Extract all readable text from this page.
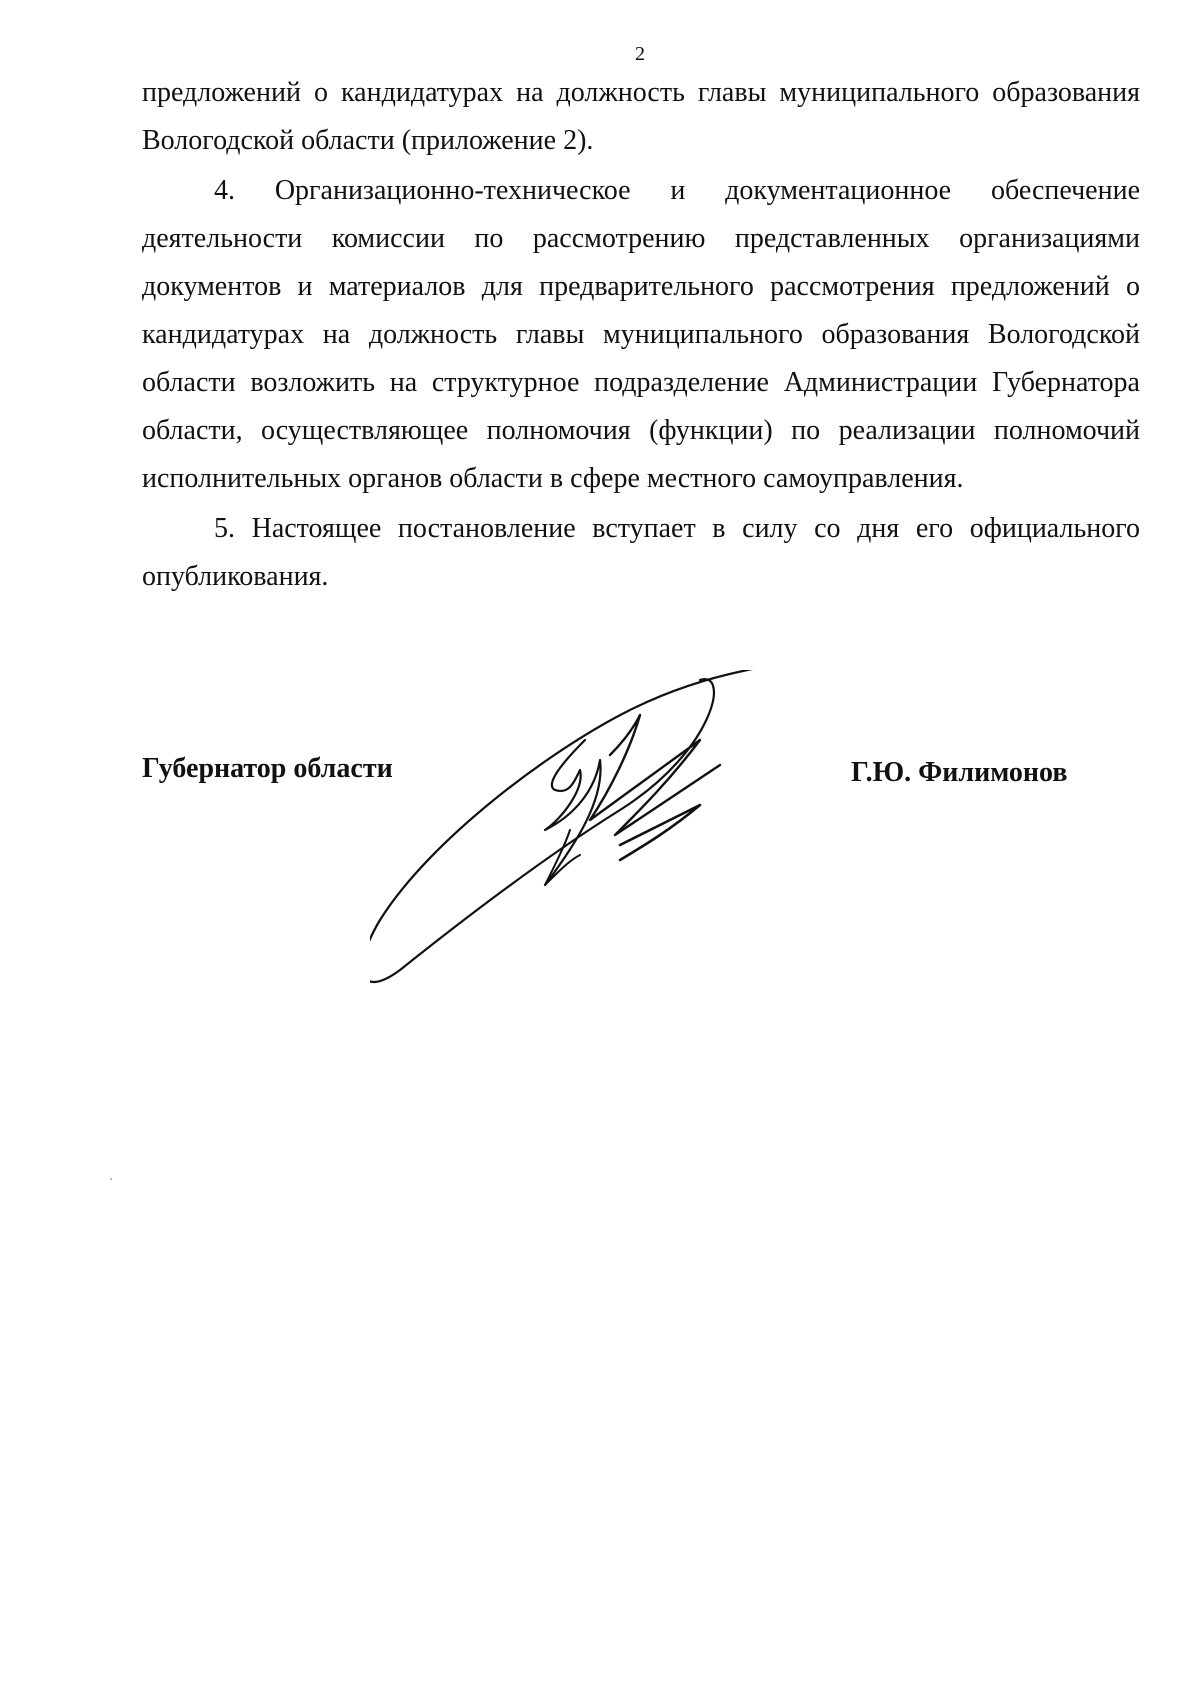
2

предложений о кандидатурах на должность главы муниципального образования Вологодской области (приложение 2).

4. Организационно-техническое и документационное обеспечение деятельности комиссии по рассмотрению представленных организациями документов и материалов для предварительного рассмотрения предложений о кандидатурах на должность главы муниципального образования Вологодской области возложить на структурное подразделение Администрации Губернатора области, осуществляющее полномочия (функции) по реализации полномочий исполнительных органов области в сфере местного самоуправления.

5. Настоящее постановление вступает в силу со дня его официального опубликования.

Губернатор области	Г.Ю. Филимонов
